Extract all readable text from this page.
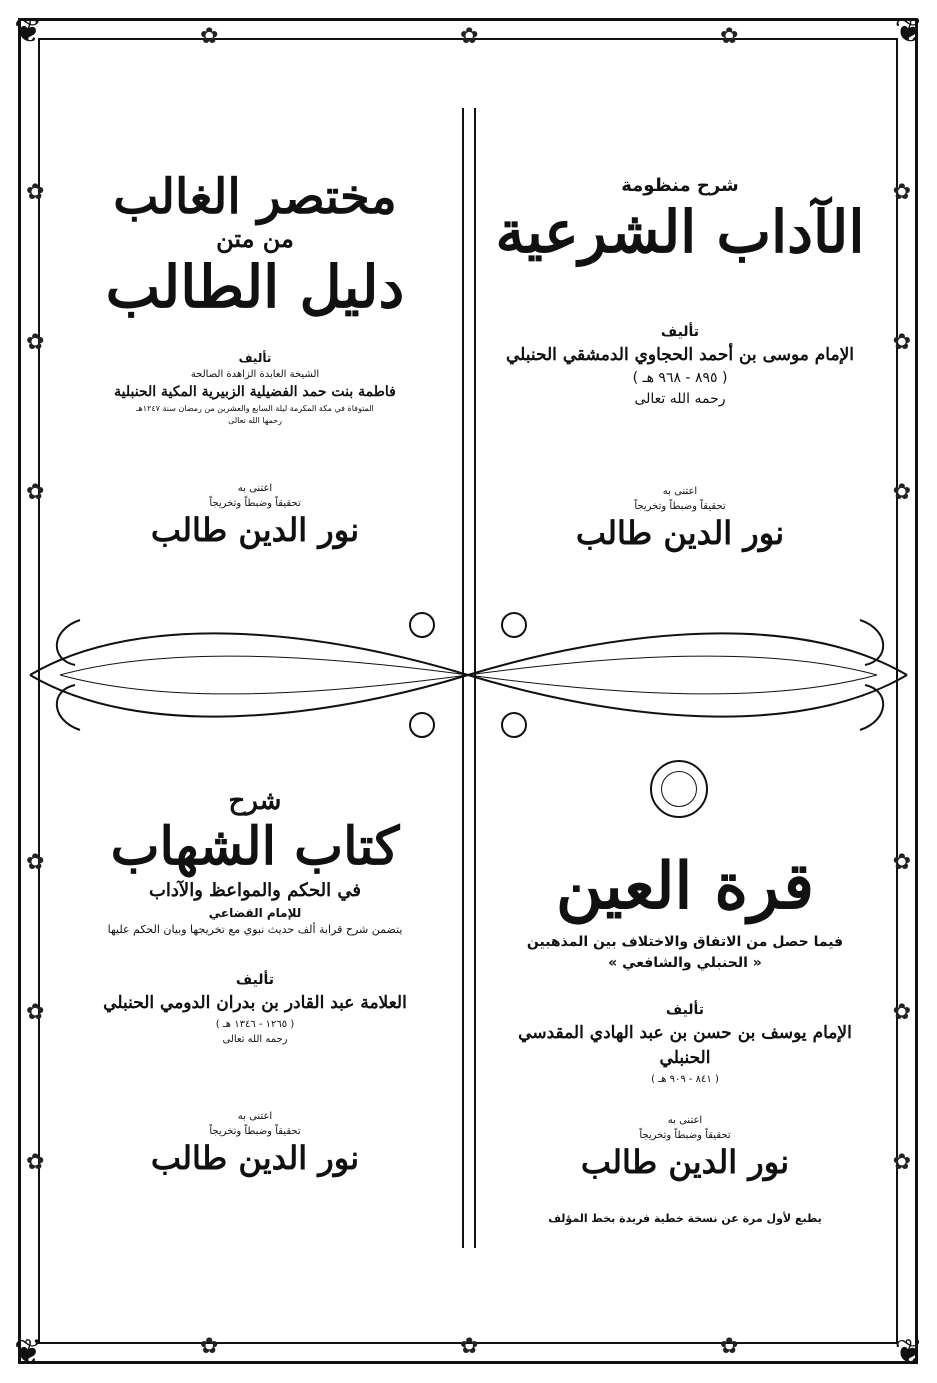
❦	❦
❦	❦
✿
✿
✿
✿
✿
✿
✿
✿
✿
✿
✿
✿
✿	✿	✿
✿	✿	✿
شرح منظومة
الآداب الشرعية
تأليف
الإمام موسى بن أحمد الحجاوي الدمشقي الحنبلي
( ٨٩٥ - ٩٦٨ هـ )
رحمه الله تعالى
اعتنى به
تحقيقاً وضبطاً وتخريجاً
نور الدين طالب
مختصر الغالب
من متن
دليل الطالب
تأليف
الشيخة العابدة الزاهدة الصالحة
فاطمة بنت حمد الفضيلية الزبيرية المكية الحنبلية
المتوفاة في مكة المكرمة ليلة السابع والعشرين من رمضان سنة ١٢٤٧هـ
رحمها الله تعالى
اعتنى به
تحقيقاً وضبطاً وتخريجاً
نور الدين طالب
قرة العين
فيما حصل من الاتفاق والاختلاف بين المذهبين
« الحنبلي والشافعي »
تأليف
الإمام يوسف بن حسن بن عبد الهادي المقدسي الحنبلي
( ٨٤١ - ٩٠٩ هـ )
اعتنى به
تحقيقاً وضبطاً وتخريجاً
نور الدين طالب
يطبع لأول مرة عن نسخة خطية فريدة بخط المؤلف
شرح
كتاب الشهاب
في الحكم والمواعظ والآداب
للإمام القضاعي
يتضمن شرح قرابة ألف حديث نبوي مع تخريجها وبيان الحكم عليها
تأليف
العلامة عبد القادر بن بدران الدومي الحنبلي
( ١٢٦٥ - ١٣٤٦ هـ )
رحمه الله تعالى
اعتنى به
تحقيقاً وضبطاً وتخريجاً
نور الدين طالب
